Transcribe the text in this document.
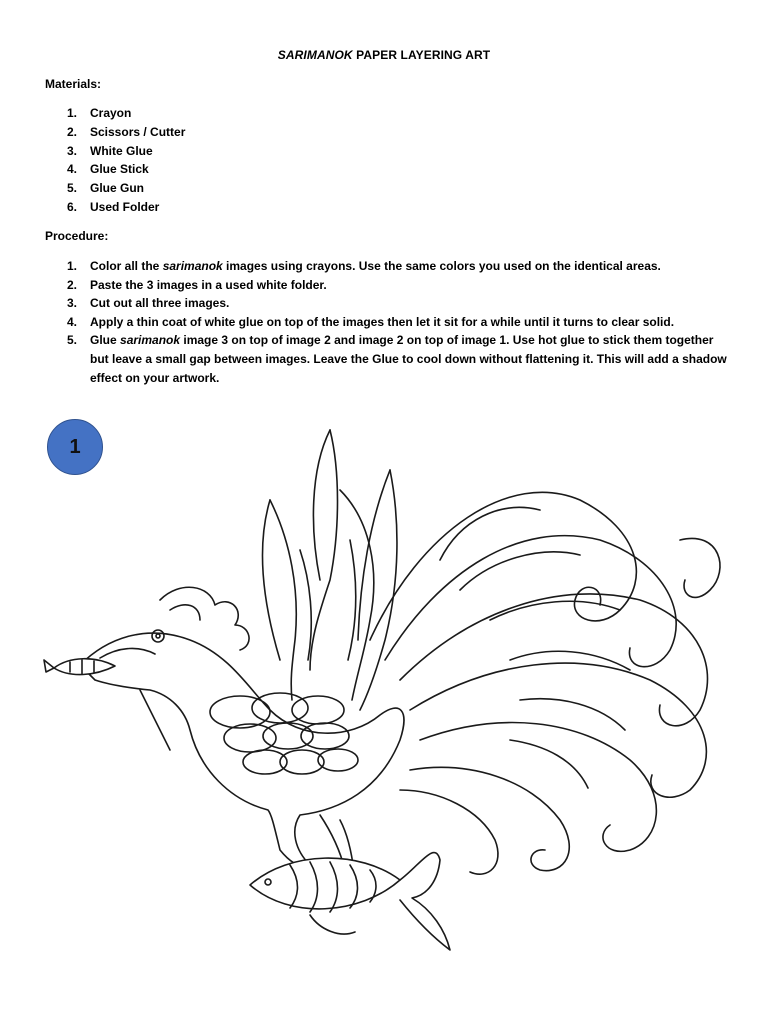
SARIMANOK PAPER LAYERING ART
Materials:
1. Crayon
2. Scissors / Cutter
3. White Glue
4. Glue Stick
5. Glue Gun
6. Used Folder
Procedure:
1. Color all the sarimanok images using crayons. Use the same colors you used on the identical areas.
2. Paste the 3 images in a used white folder.
3. Cut out all three images.
4. Apply a thin coat of white glue on top of the images then let it sit for a while until it turns to clear solid.
5. Glue sarimanok image 3 on top of image 2 and image 2 on top of image 1. Use hot glue to stick them together but leave a small gap between images. Leave the Glue to cool down without flattening it. This will add a shadow effect on your artwork.
1
